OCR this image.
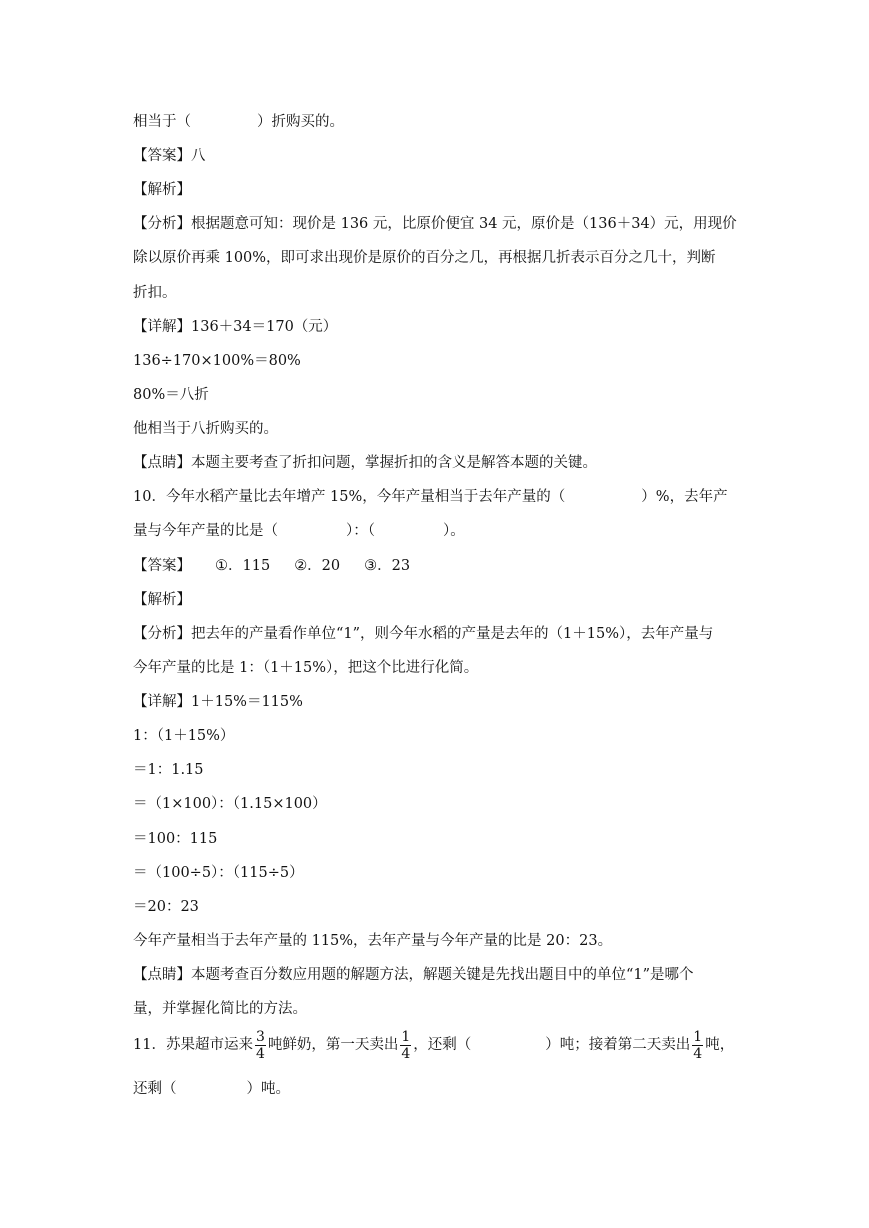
相当于（	）折购买的。
【答案】八
【解析】
【分析】根据题意可知：现价是 136 元，比原价便宜 34 元，原价是（136＋34）元，用现价
除以原价再乘 100%，即可求出现价是原价的百分之几，再根据几折表示百分之几十，判断
折扣。
【详解】136＋34＝170（元）
136÷170×100%＝80%
80%＝八折
他相当于八折购买的。
【点睛】本题主要考查了折扣问题，掌握折扣的含义是解答本题的关键。
10．今年水稻产量比去年增产 15%，今年产量相当于去年产量的（	）%，去年产
量与今年产量的比是（	）：（	）。
【答案】 ①．115 ②．20 ③．23
【解析】
【分析】把去年的产量看作单位“1”，则今年水稻的产量是去年的（1＋15%），去年产量与
今年产量的比是 1：（1＋15%），把这个比进行化简。
【详解】1＋15%＝115%
1：（1＋15%）
＝1：1.15
＝（1×100）：（1.15×100）
＝100：115
＝（100÷5）：（115÷5）
＝20：23
今年产量相当于去年产量的 115%，去年产量与今年产量的比是 20：23。
【点睛】本题考查百分数应用题的解题方法，解题关键是先找出题目中的单位“1”是哪个
量，并掌握化简比的方法。
11．苏果超市运来 $\frac{3}{4}$ 吨鲜奶，第一天卖出 $\frac{1}{4}$ ，还剩（	）吨；接着第二天卖出 $\frac{1}{4}$ 吨，
还剩（	）吨。
